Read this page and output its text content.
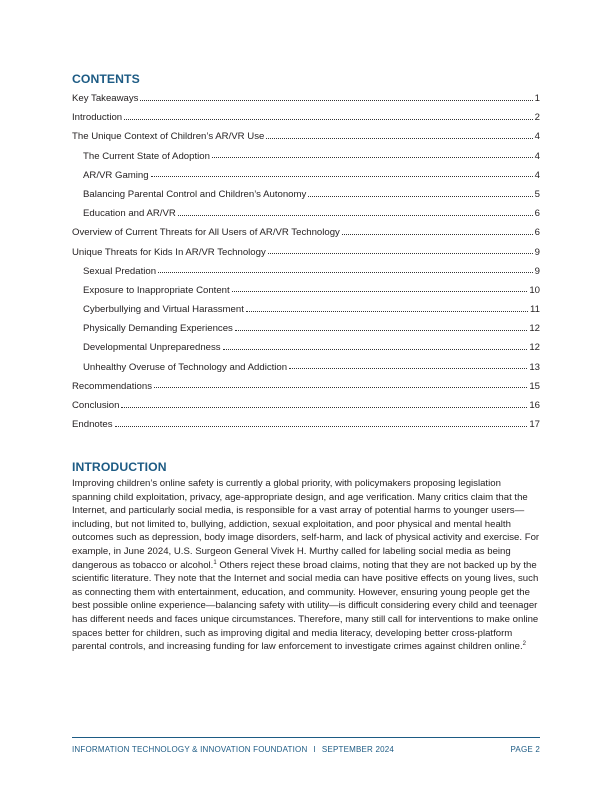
CONTENTS
Key Takeaways	1
Introduction	2
The Unique Context of Children’s AR/VR Use	4
The Current State of Adoption	4
AR/VR Gaming	4
Balancing Parental Control and Children’s Autonomy	5
Education and AR/VR	6
Overview of Current Threats for All Users of AR/VR Technology	6
Unique Threats for Kids In AR/VR Technology	9
Sexual Predation	9
Exposure to Inappropriate Content	10
Cyberbullying and Virtual Harassment	11
Physically Demanding Experiences	12
Developmental Unpreparedness	12
Unhealthy Overuse of Technology and Addiction	13
Recommendations	15
Conclusion	16
Endnotes	17
INTRODUCTION

Improving children’s online safety is currently a global priority, with policymakers proposing legislation spanning child exploitation, privacy, age-appropriate design, and age verification. Many critics claim that the Internet, and particularly social media, is responsible for a vast array of potential harms to younger users—including, but not limited to, bullying, addiction, sexual exploitation, and poor physical and mental health outcomes such as depression, body image disorders, self-harm, and lack of physical activity and exercise. For example, in June 2024, U.S. Surgeon General Vivek H. Murthy called for labeling social media as being dangerous as tobacco or alcohol.$^1$ Others reject these broad claims, noting that they are not backed up by the scientific literature. They note that the Internet and social media can have positive effects on young lives, such as connecting them with entertainment, education, and community. However, ensuring young people get the best possible online experience—balancing safety with utility—is difficult considering every child and teenager has different needs and faces unique circumstances. Therefore, many still call for interventions to make online spaces better for children, such as improving digital and media literacy, developing better cross-platform parental controls, and increasing funding for law enforcement to investigate crimes against children online.$^2$

INFORMATION TECHNOLOGY & INNOVATION FOUNDATION I SEPTEMBER 2024	PAGE 2
